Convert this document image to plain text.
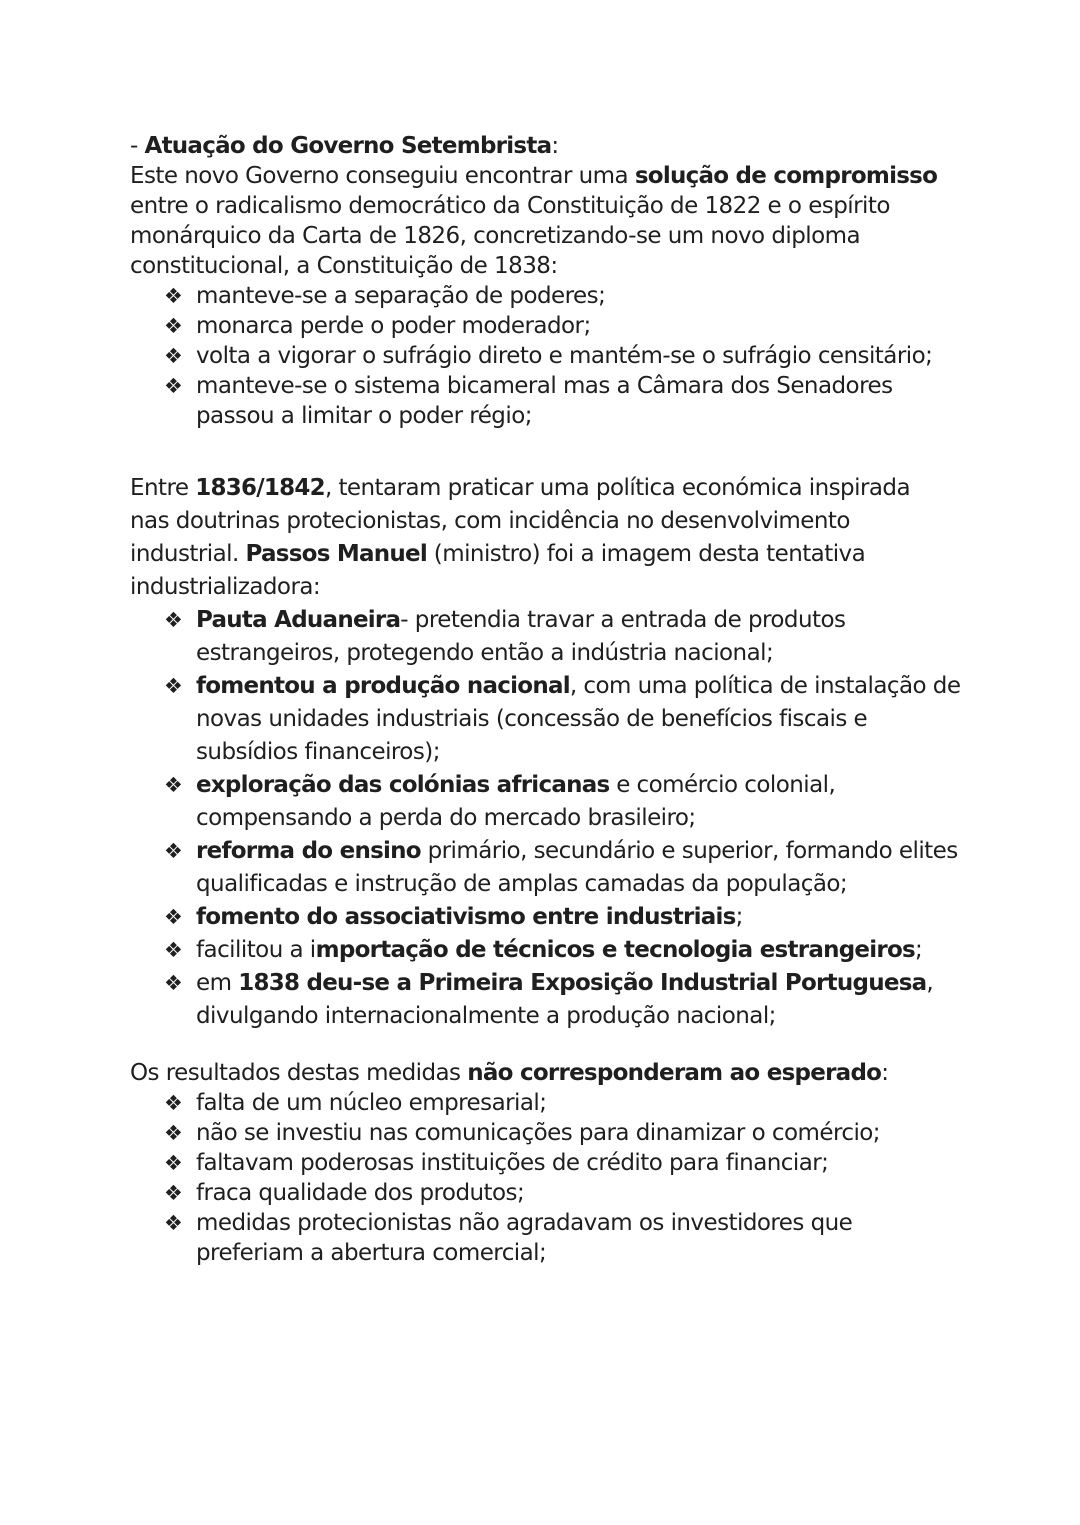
- Atuação do Governo Setembrista:
Este novo Governo conseguiu encontrar uma solução de compromisso
entre o radicalismo democrático da Constituição de 1822 e o espírito
monárquico da Carta de 1826, concretizando-se um novo diploma
constitucional, a Constituição de 1838:
❖ manteve-se a separação de poderes;
❖ monarca perde o poder moderador;
❖ volta a vigorar o sufrágio direto e mantém-se o sufrágio censitário;
❖ manteve-se o sistema bicameral mas a Câmara dos Senadores
passou a limitar o poder régio;
Entre 1836/1842, tentaram praticar uma política económica inspirada
nas doutrinas protecionistas, com incidência no desenvolvimento
industrial. Passos Manuel (ministro) foi a imagem desta tentativa
industrializadora:
❖ Pauta Aduaneira- pretendia travar a entrada de produtos
estrangeiros, protegendo então a indústria nacional;
❖ fomentou a produção nacional, com uma política de instalação de
novas unidades industriais (concessão de benefícios fiscais e
subsídios financeiros);
❖ exploração das colónias africanas e comércio colonial,
compensando a perda do mercado brasileiro;
❖ reforma do ensino primário, secundário e superior, formando elites
qualificadas e instrução de amplas camadas da população;
❖ fomento do associativismo entre industriais;
❖ facilitou a importação de técnicos e tecnologia estrangeiros;
❖ em 1838 deu-se a Primeira Exposição Industrial Portuguesa,
divulgando internacionalmente a produção nacional;
Os resultados destas medidas não corresponderam ao esperado:
❖ falta de um núcleo empresarial;
❖ não se investiu nas comunicações para dinamizar o comércio;
❖ faltavam poderosas instituições de crédito para financiar;
❖ fraca qualidade dos produtos;
❖ medidas protecionistas não agradavam os investidores que
preferiam a abertura comercial;
